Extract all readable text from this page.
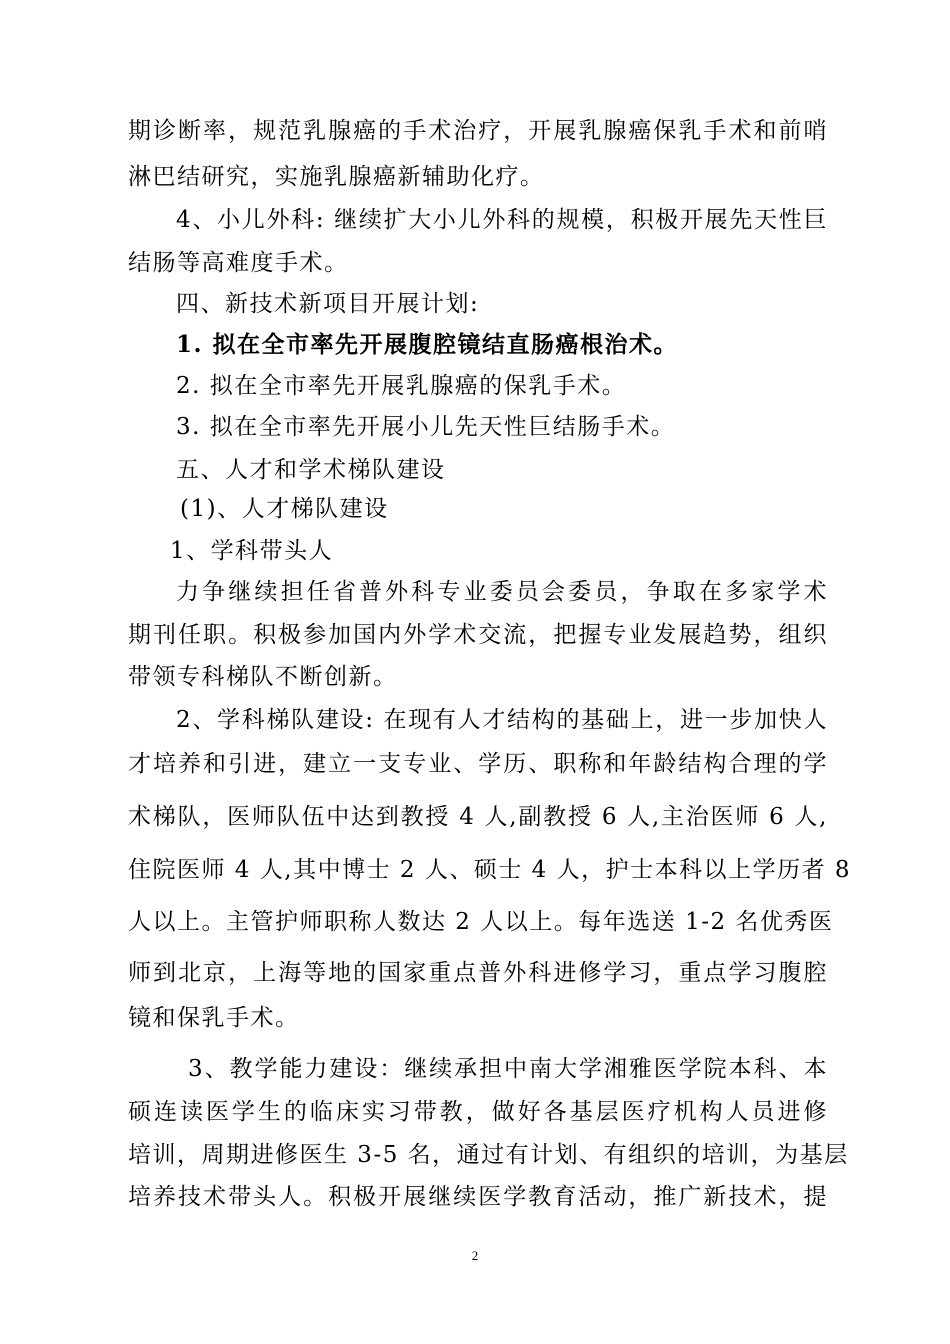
期诊断率，规范乳腺癌的手术治疗，开展乳腺癌保乳手术和前哨
淋巴结研究，实施乳腺癌新辅助化疗。
4、小儿外科: 继续扩大小儿外科的规模，积极开展先天性巨
结肠等高难度手术。
四、新技术新项目开展计划:
1. 拟在全市率先开展腹腔镜结直肠癌根治术。
2. 拟在全市率先开展乳腺癌的保乳手术。
3. 拟在全市率先开展小儿先天性巨结肠手术。
五、人才和学术梯队建设
(1)、人才梯队建设
1、学科带头人
力争继续担任省普外科专业委员会委员，争取在多家学术
期刊任职。积极参加国内外学术交流，把握专业发展趋势，组织
带领专科梯队不断创新。
2、学科梯队建设: 在现有人才结构的基础上，进一步加快人
才培养和引进，建立一支专业、学历、职称和年龄结构合理的学
术梯队，医师队伍中达到教授 4 人,副教授 6 人,主治医师 6 人,
住院医师 4 人,其中博士 2 人、硕士 4 人，护士本科以上学历者 8
人以上。主管护师职称人数达 2 人以上。每年选送 1-2 名优秀医
师到北京，上海等地的国家重点普外科进修学习，重点学习腹腔
镜和保乳手术。
3、教学能力建设：继续承担中南大学湘雅医学院本科、本
硕连读医学生的临床实习带教，做好各基层医疗机构人员进修
培训，周期进修医生 3-5 名，通过有计划、有组织的培训，为基层
培养技术带头人。积极开展继续医学教育活动，推广新技术，提
2
